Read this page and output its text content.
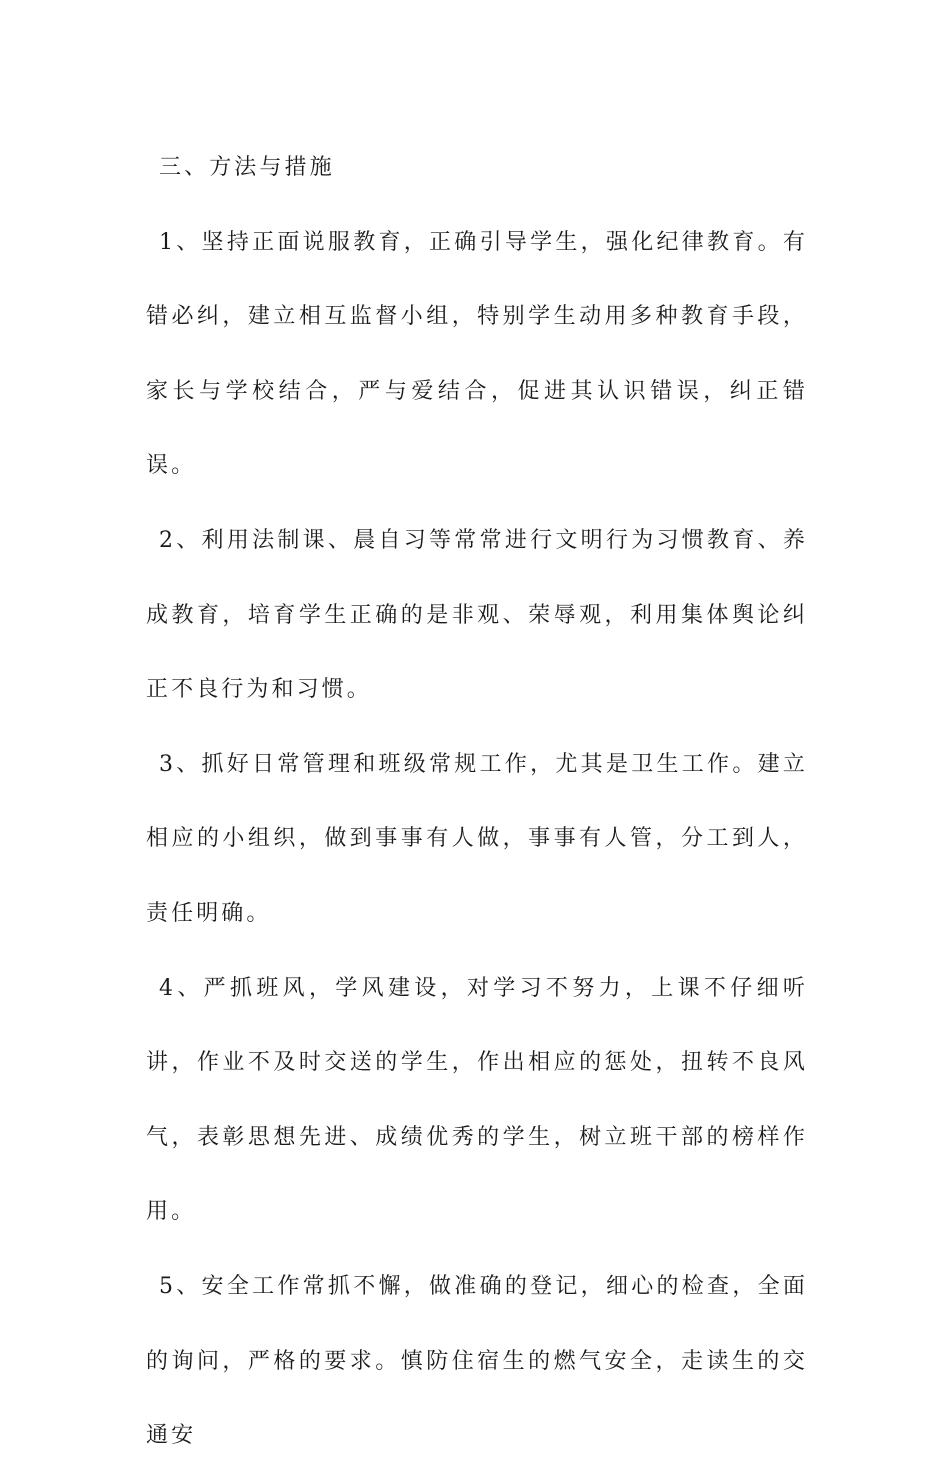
三、方法与措施

1、坚持正面说服教育，正确引导学生，强化纪律教育。有错必纠，建立相互监督小组，特别学生动用多种教育手段，家长与学校结合，严与爱结合，促进其认识错误，纠正错误。

2、利用法制课、晨自习等常常进行文明行为习惯教育、养成教育，培育学生正确的是非观、荣辱观，利用集体舆论纠正不良行为和习惯。

3、抓好日常管理和班级常规工作，尤其是卫生工作。建立相应的小组织，做到事事有人做，事事有人管，分工到人，责任明确。

4、严抓班风，学风建设，对学习不努力，上课不仔细听讲，作业不及时交送的学生，作出相应的惩处，扭转不良风气，表彰思想先进、成绩优秀的学生，树立班干部的榜样作用。

5、安全工作常抓不懈，做准确的登记，细心的检查，全面的询问，严格的要求。慎防住宿生的燃气安全，走读生的交通安
